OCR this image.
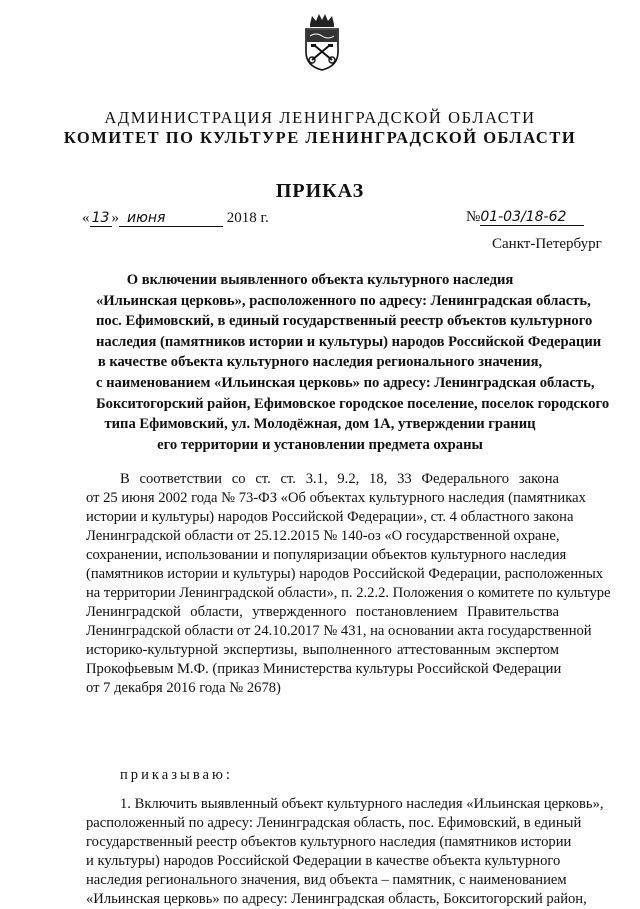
АДМИНИСТРАЦИЯ ЛЕНИНГРАДСКОЙ ОБЛАСТИ
КОМИТЕТ ПО КУЛЬТУРЕ ЛЕНИНГРАДСКОЙ ОБЛАСТИ
ПРИКАЗ
« 13 » июня	2018 г.	№01-03/18-62
Санкт-Петербург
О включении выявленного объекта культурного наследия
«Ильинская церковь», расположенного по адресу: Ленинградская область,
пос. Ефимовский, в единый государственный реестр объектов культурного
наследия (памятников истории и культуры) народов Российской Федерации
в качестве объекта культурного наследия регионального значения,
с наименованием «Ильинская церковь» по адресу: Ленинградская область,
Бокситогорский район, Ефимовское городское поселение, поселок городского
типа Ефимовский, ул. Молодёжная, дом 1А, утверждении границ
его территории и установлении предмета охраны
В соответствии со ст. ст. 3.1, 9.2, 18, 33 Федерального закона
от 25 июня 2002 года № 73-ФЗ «Об объектах культурного наследия (памятниках
истории и культуры) народов Российской Федерации», ст. 4 областного закона
Ленинградской области от 25.12.2015 № 140-оз «О государственной охране,
сохранении, использовании и популяризации объектов культурного наследия
(памятников истории и культуры) народов Российской Федерации, расположенных
на территории Ленинградской области», п. 2.2.2. Положения о комитете по культуре
Ленинградской области, утвержденного постановлением Правительства
Ленинградской области от 24.10.2017 № 431, на основании акта государственной
историко-культурной экспертизы, выполненного аттестованным экспертом
Прокофьевым М.Ф. (приказ Министерства культуры Российской Федерации
от 7 декабря 2016 года № 2678)
приказываю:
1. Включить выявленный объект культурного наследия «Ильинская церковь»,
расположенный по адресу: Ленинградская область, пос. Ефимовский, в единый
государственный реестр объектов культурного наследия (памятников истории
и культуры) народов Российской Федерации в качестве объекта культурного
наследия регионального значения, вид объекта – памятник, с наименованием
«Ильинская церковь» по адресу: Ленинградская область, Бокситогорский район,
